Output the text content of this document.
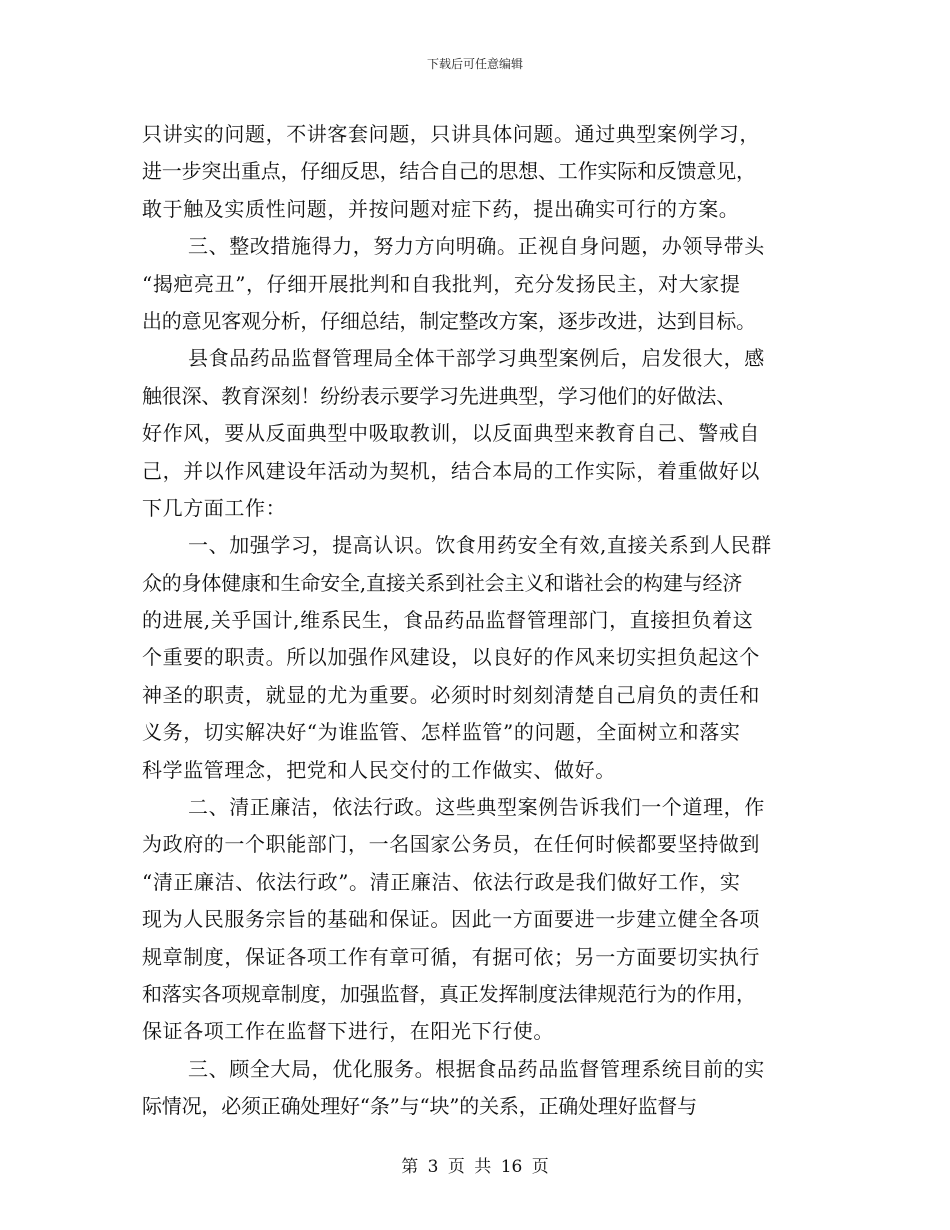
下载后可任意编辑
只讲实的问题，不讲客套问题，只讲具体问题。通过典型案例学习，
进一步突出重点，仔细反思，结合自己的思想、工作实际和反馈意见，
敢于触及实质性问题，并按问题对症下药，提出确实可行的方案。
三、整改措施得力，努力方向明确。正视自身问题，办领导带头
“揭疤亮丑”，仔细开展批判和自我批判，充分发扬民主，对大家提
出的意见客观分析，仔细总结，制定整改方案，逐步改进，达到目标。
县食品药品监督管理局全体干部学习典型案例后，启发很大，感
触很深、教育深刻！纷纷表示要学习先进典型，学习他们的好做法、
好作风，要从反面典型中吸取教训，以反面典型来教育自己、警戒自
己，并以作风建设年活动为契机，结合本局的工作实际，着重做好以
下几方面工作：
一、加强学习，提高认识。饮食用药安全有效,直接关系到人民群
众的身体健康和生命安全,直接关系到社会主义和谐社会的构建与经济
的进展,关乎国计,维系民生，食品药品监督管理部门，直接担负着这
个重要的职责。所以加强作风建设，以良好的作风来切实担负起这个
神圣的职责，就显的尤为重要。必须时时刻刻清楚自己肩负的责任和
义务，切实解决好“为谁监管、怎样监管”的问题，全面树立和落实
科学监管理念，把党和人民交付的工作做实、做好。
二、清正廉洁，依法行政。这些典型案例告诉我们一个道理，作
为政府的一个职能部门，一名国家公务员，在任何时候都要坚持做到
“清正廉洁、依法行政”。清正廉洁、依法行政是我们做好工作，实
现为人民服务宗旨的基础和保证。因此一方面要进一步建立健全各项
规章制度，保证各项工作有章可循，有据可依；另一方面要切实执行
和落实各项规章制度，加强监督，真正发挥制度法律规范行为的作用，
保证各项工作在监督下进行，在阳光下行使。
三、顾全大局，优化服务。根据食品药品监督管理系统目前的实
际情况，必须正确处理好“条”与“块”的关系，正确处理好监督与
第 3 页 共 16 页
